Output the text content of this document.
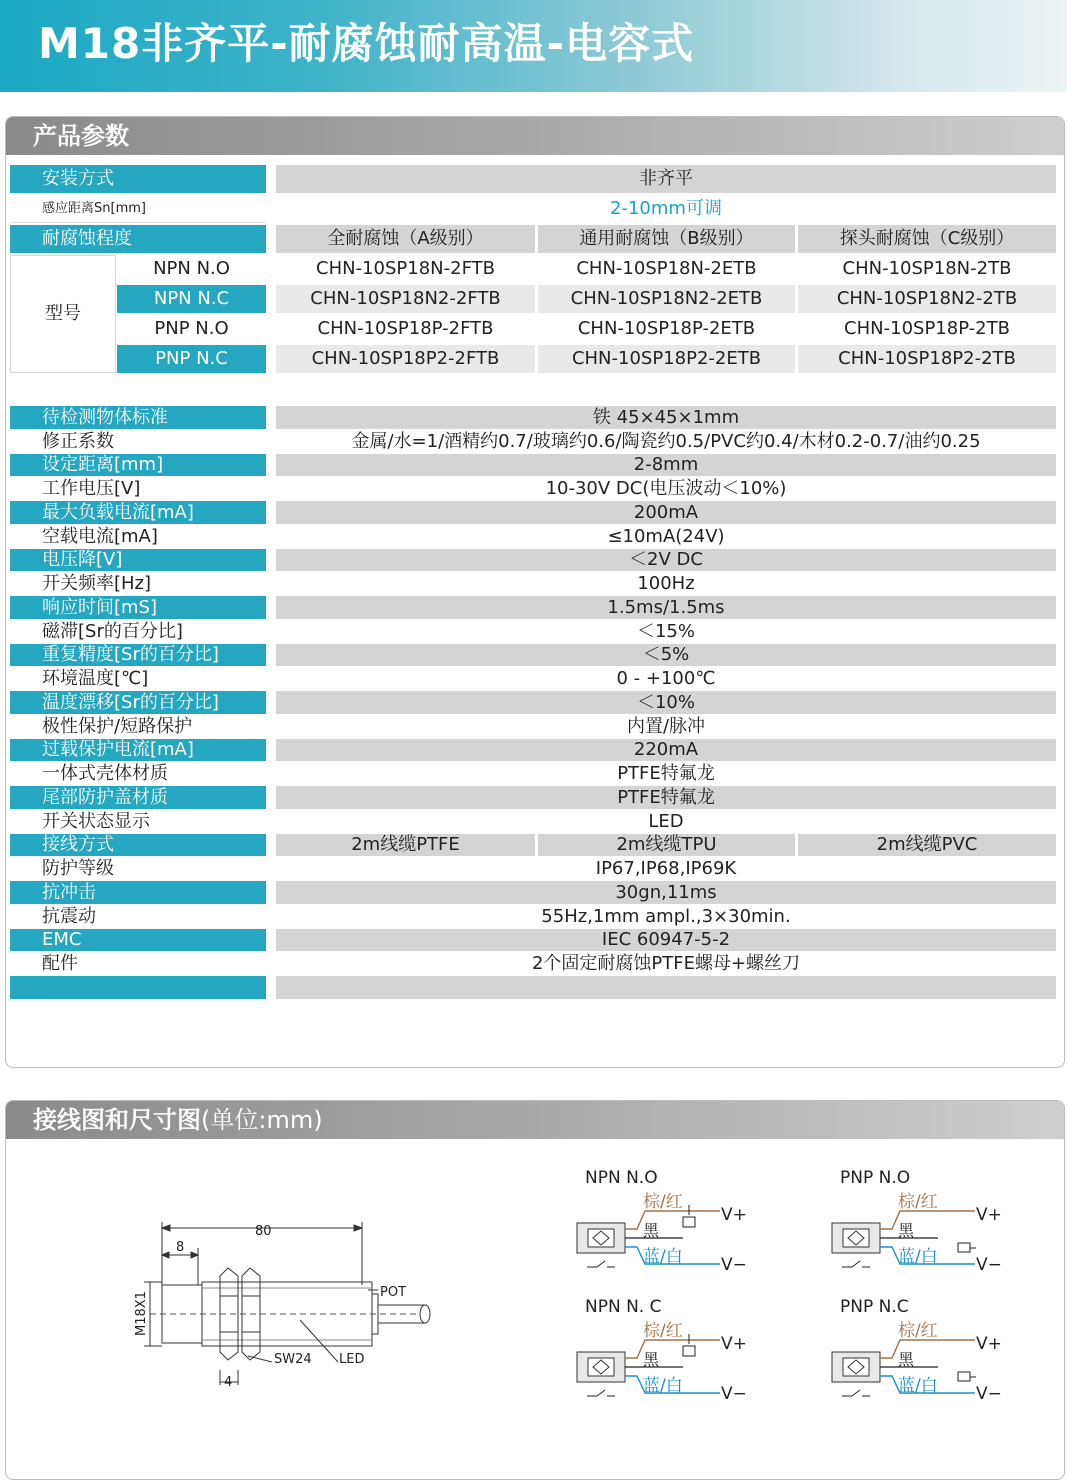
M18非齐平-耐腐蚀耐高温-电容式
产品参数
安装方式	非齐平
感应距离Sn[mm]	2-10mm可调
耐腐蚀程度	全耐腐蚀（A级别）	通用耐腐蚀（B级别）	探头耐腐蚀（C级别）
型号
NPN N.O	CHN-10SP18N-2FTB	CHN-10SP18N-2ETB	CHN-10SP18N-2TB
NPN N.C	CHN-10SP18N2-2FTB	CHN-10SP18N2-2ETB	CHN-10SP18N2-2TB
PNP N.O	CHN-10SP18P-2FTB	CHN-10SP18P-2ETB	CHN-10SP18P-2TB
PNP N.C	CHN-10SP18P2-2FTB	CHN-10SP18P2-2ETB	CHN-10SP18P2-2TB
待检测物体标准	铁 45×45×1mm
修正系数	金属/水=1/酒精约0.7/玻璃约0.6/陶瓷约0.5/PVC约0.4/木材0.2-0.7/油约0.25
设定距离[mm]	2-8mm
工作电压[V]	10-30V DC(电压波动＜10%)
最大负载电流[mA]	200mA
空载电流[mA]	≤10mA(24V)
电压降[V]	＜2V DC
开关频率[Hz]	100Hz
响应时间[mS]	1.5ms/1.5ms
磁滞[Sr的百分比]	＜15%
重复精度[Sr的百分比]	＜5%
环境温度[℃]	0 - +100℃
温度漂移[Sr的百分比]	＜10%
极性保护/短路保护	内置/脉冲
过载保护电流[mA]	220mA
一体式壳体材质	PTFE特氟龙
尾部防护盖材质	PTFE特氟龙
开关状态显示	LED
接线方式	2m线缆PTFE	2m线缆TPU	2m线缆PVC
防护等级	IP67,IP68,IP69K
抗冲击	30gn,11ms
抗震动	55Hz,1mm ampl.,3×30min.
EMC	IEC 60947-5-2
配件	2个固定耐腐蚀PTFE螺母+螺丝刀
接线图和尺寸图(单位:mm)
80
8
M18X1	POT
SW24 LED
4
NPN N.O
棕/红
黑
蓝/白
V+
V−
PNP N.O
棕/红
黑
蓝/白
V+
V−
NPN N. C
棕/红
黑
蓝/白
V+
V−
PNP N.C
棕/红
黑
蓝/白
V+
V−
